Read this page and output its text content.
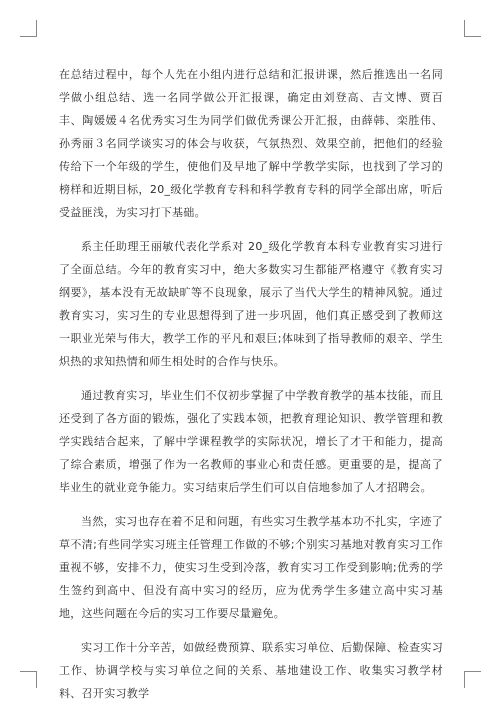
在总结过程中，每个人先在小组内进行总结和汇报讲课，然后推选出一名同学做小组总结、选一名同学做公开汇报课，确定由刘登高、吉文博、贾百丰、陶媛媛４名优秀实习生为同学们做优秀课公开汇报，由薛韩、栾胜伟、孙秀丽３名同学谈实习的体会与收获，气氛热烈、效果空前，把他们的经验传给下一个年级的学生，使他们及早地了解中学教学实际，也找到了学习的榜样和近期目标，20_级化学教育专科和科学教育专科的同学全部出席，听后受益匪浅，为实习打下基础。

系主任助理王丽敏代表化学系对 20_级化学教育本科专业教育实习进行了全面总结。今年的教育实习中，绝大多数实习生都能严格遵守《教育实习纲要》，基本没有无故缺旷等不良现象，展示了当代大学生的精神风貌。通过教育实习，实习生的专业思想得到了进一步巩固，他们真正感受到了教师这一职业光荣与伟大，教学工作的平凡和艰巨;体味到了指导教师的艰辛、学生炽热的求知热情和师生相处时的合作与快乐。

通过教育实习，毕业生们不仅初步掌握了中学教育教学的基本技能，而且还受到了各方面的锻炼，强化了实践本领，把教育理论知识、教学管理和教学实践结合起来，了解中学课程教学的实际状况，增长了才干和能力，提高了综合素质，增强了作为一名教师的事业心和责任感。更重要的是，提高了毕业生的就业竞争能力。实习结束后学生们可以自信地参加了人才招聘会。

当然，实习也存在着不足和问题，有些实习生教学基本功不扎实，字迹了草不清;有些同学实习班主任管理工作做的不够;个别实习基地对教育实习工作重视不够，安排不力，使实习生受到冷落，教育实习工作受到影响;优秀的学生签约到高中、但没有高中实习的经历，应为优秀学生多建立高中实习基地，这些问题在今后的实习工作要尽量避免。

实习工作十分辛苦，如做经费预算、联系实习单位、后勤保障、检查实习工作、协调学校与实习单位之间的关系、基地建设工作、收集实习教学材料、召开实习教学
